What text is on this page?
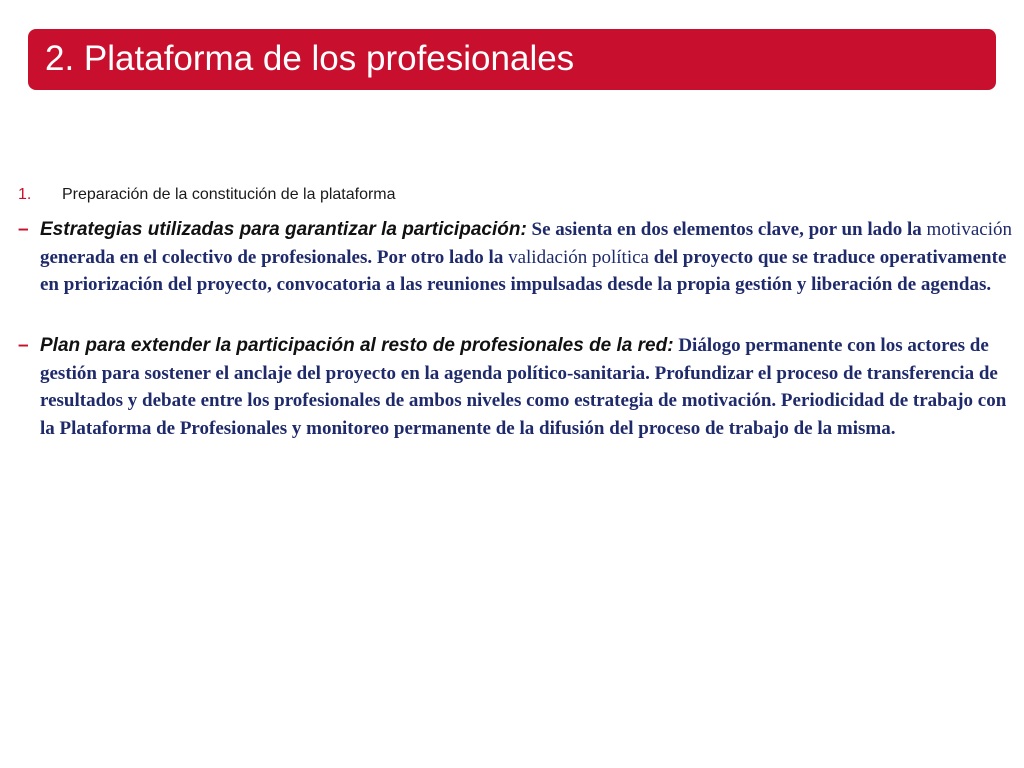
2. Plataforma de los profesionales
1. Preparación de la constitución de la plataforma
– Estrategias utilizadas para garantizar la participación: Se asienta en dos elementos clave, por un lado la motivación generada en el colectivo de profesionales. Por otro lado la validación política del proyecto que se traduce operativamente en priorización del proyecto, convocatoria a las reuniones impulsadas desde la propia gestión y liberación de agendas.
– Plan para extender la participación al resto de profesionales de la red: Diálogo permanente con los actores de gestión para sostener el anclaje del proyecto en la agenda político-sanitaria. Profundizar el proceso de transferencia de resultados y debate entre los profesionales de ambos niveles como estrategia de motivación. Periodicidad de trabajo con la Plataforma de Profesionales y monitoreo permanente de la difusión del proceso de trabajo de la misma.
